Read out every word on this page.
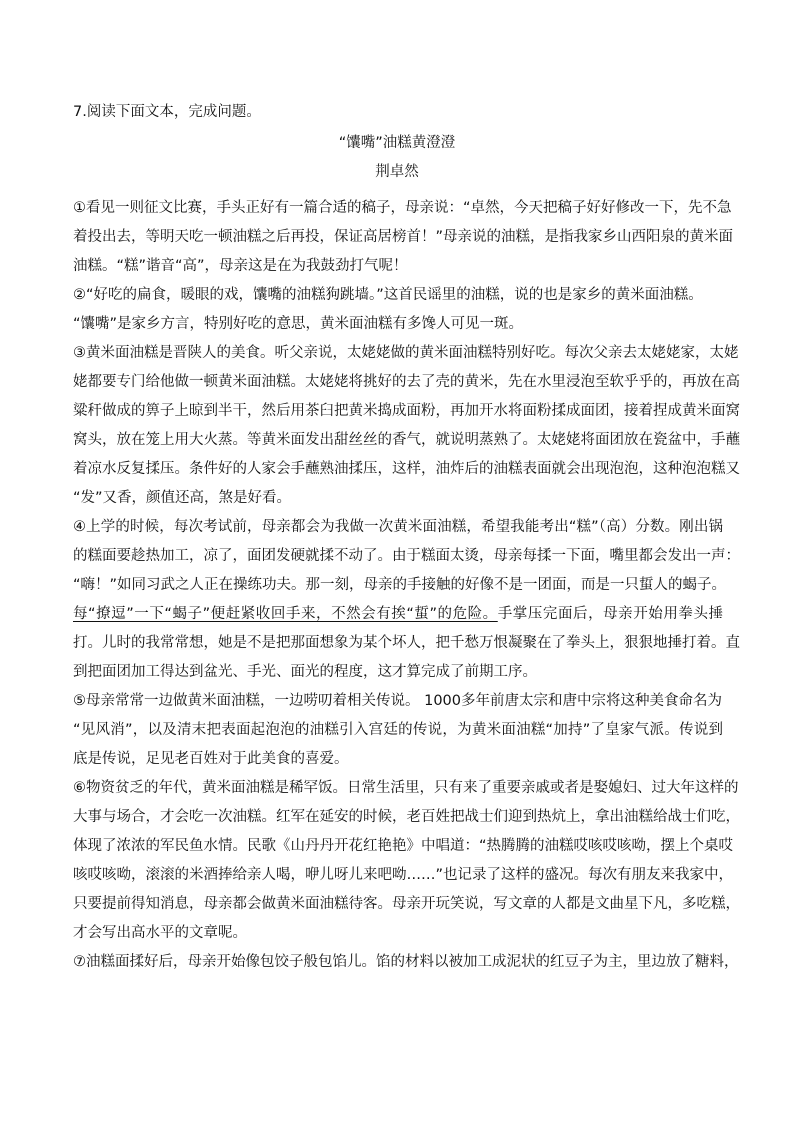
7.阅读下面文本，完成问题。
“馕嘴”油糕黄澄澄
荆卓然
①看见一则征文比赛，手头正好有一篇合适的稿子，母亲说：“卓然，今天把稿子好好修改一下，先不急
着投出去，等明天吃一顿油糕之后再投，保证高居榜首！”母亲说的油糕，是指我家乡山西阳泉的黄米面
油糕。“糕”谐音“高”，母亲这是在为我鼓劲打气呢！
②“好吃的扁食，暖眼的戏，馕嘴的油糕狗跳墙。”这首民谣里的油糕，说的也是家乡的黄米面油糕。
“馕嘴”是家乡方言，特别好吃的意思，黄米面油糕有多馋人可见一斑。
③黄米面油糕是晋陕人的美食。听父亲说，太姥姥做的黄米面油糕特别好吃。每次父亲去太姥姥家，太姥
姥都要专门给他做一顿黄米面油糕。太姥姥将挑好的去了壳的黄米，先在水里浸泡至软乎乎的，再放在高
粱秆做成的箅子上晾到半干，然后用茶臼把黄米捣成面粉，再加开水将面粉揉成面团，接着捏成黄米面窝
窝头，放在笼上用大火蒸。等黄米面发出甜丝丝的香气，就说明蒸熟了。太姥姥将面团放在瓷盆中，手蘸
着凉水反复揉压。条件好的人家会手蘸熟油揉压，这样，油炸后的油糕表面就会出现泡泡，这种泡泡糕又
“发”又香，颜值还高，煞是好看。
④上学的时候，每次考试前，母亲都会为我做一次黄米面油糕，希望我能考出“糕”（高）分数。刚出锅
的糕面要趁热加工，凉了，面团发硬就揉不动了。由于糕面太烫，母亲每揉一下面，嘴里都会发出一声：
“嗨！”如同习武之人正在操练功夫。那一刻，母亲的手接触的好像不是一团面，而是一只蜇人的蝎子。
每“撩逗”一下“蝎子”便赶紧收回手来，不然会有挨“蜇”的危险。手掌压完面后，母亲开始用拳头捶
打。儿时的我常常想，她是不是把那面想象为某个坏人，把千愁万恨凝聚在了拳头上，狠狠地捶打着。直
到把面团加工得达到盆光、手光、面光的程度，这才算完成了前期工序。
⑤母亲常常一边做黄米面油糕，一边唠叨着相关传说。 1000多年前唐太宗和唐中宗将这种美食命名为
“见风消”，以及清末把表面起泡泡的油糕引入宫廷的传说，为黄米面油糕“加持”了皇家气派。传说到
底是传说，足见老百姓对于此美食的喜爱。
⑥物资贫乏的年代，黄米面油糕是稀罕饭。日常生活里，只有来了重要亲戚或者是娶媳妇、过大年这样的
大事与场合，才会吃一次油糕。红军在延安的时候，老百姓把战士们迎到热炕上，拿出油糕给战士们吃，
体现了浓浓的军民鱼水情。民歌《山丹丹开花红艳艳》中唱道：“热腾腾的油糕哎咳哎咳呦，摆上个桌哎
咳哎咳呦，滚滚的米酒捧给亲人喝，咿儿呀儿来吧呦……”也记录了这样的盛况。每次有朋友来我家中，
只要提前得知消息，母亲都会做黄米面油糕待客。母亲开玩笑说，写文章的人都是文曲星下凡，多吃糕，
才会写出高水平的文章呢。
⑦油糕面揉好后，母亲开始像包饺子般包馅儿。馅的材料以被加工成泥状的红豆子为主，里边放了糖料，
